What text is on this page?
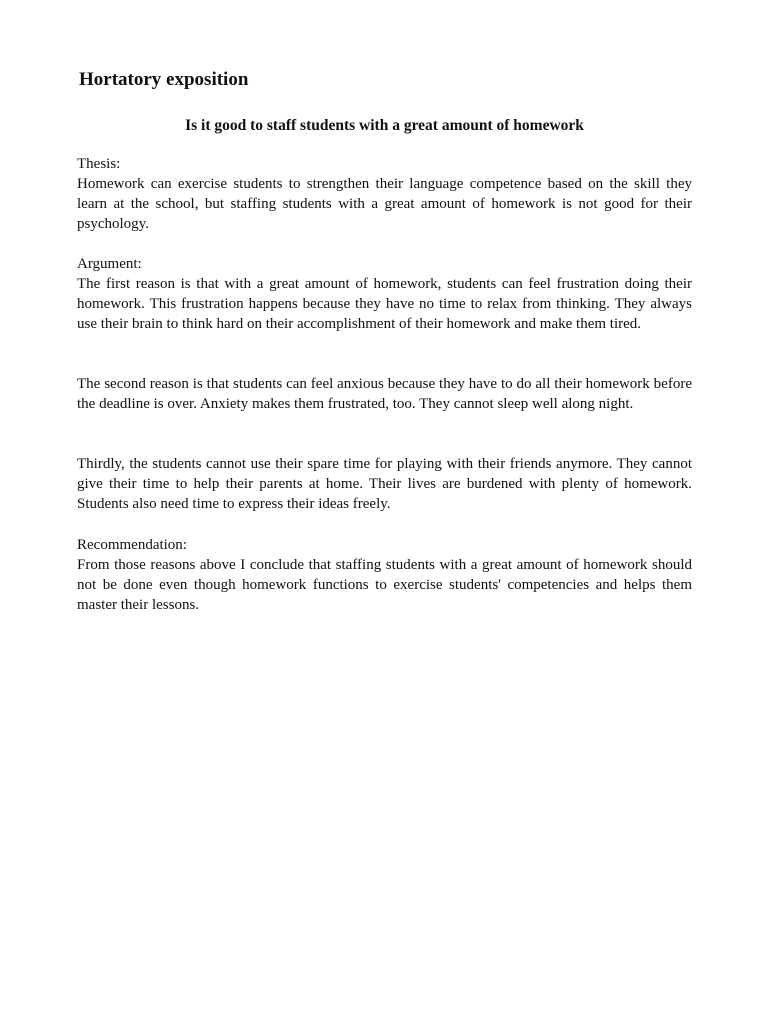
Hortatory exposition
Is it good to staff students with a great amount of homework

Thesis:

Homework can exercise students to strengthen their language competence based on the skill they learn at the school, but staffing students with a great amount of homework is not good for their psychology.

Argument:

The first reason is that with a great amount of homework, students can feel frustration doing their homework. This frustration happens because they have no time to relax from thinking. They always use their brain to think hard on their accomplishment of their homework and make them tired.

The second reason is that students can feel anxious because they have to do all their homework before the deadline is over. Anxiety makes them frustrated, too. They cannot sleep well along night.

Thirdly, the students cannot use their spare time for playing with their friends anymore. They cannot give their time to help their parents at home. Their lives are burdened with plenty of homework. Students also need time to express their ideas freely.

Recommendation:

From those reasons above I conclude that staffing students with a great amount of homework should not be done even though homework functions to exercise students' competencies and helps them master their lessons.
